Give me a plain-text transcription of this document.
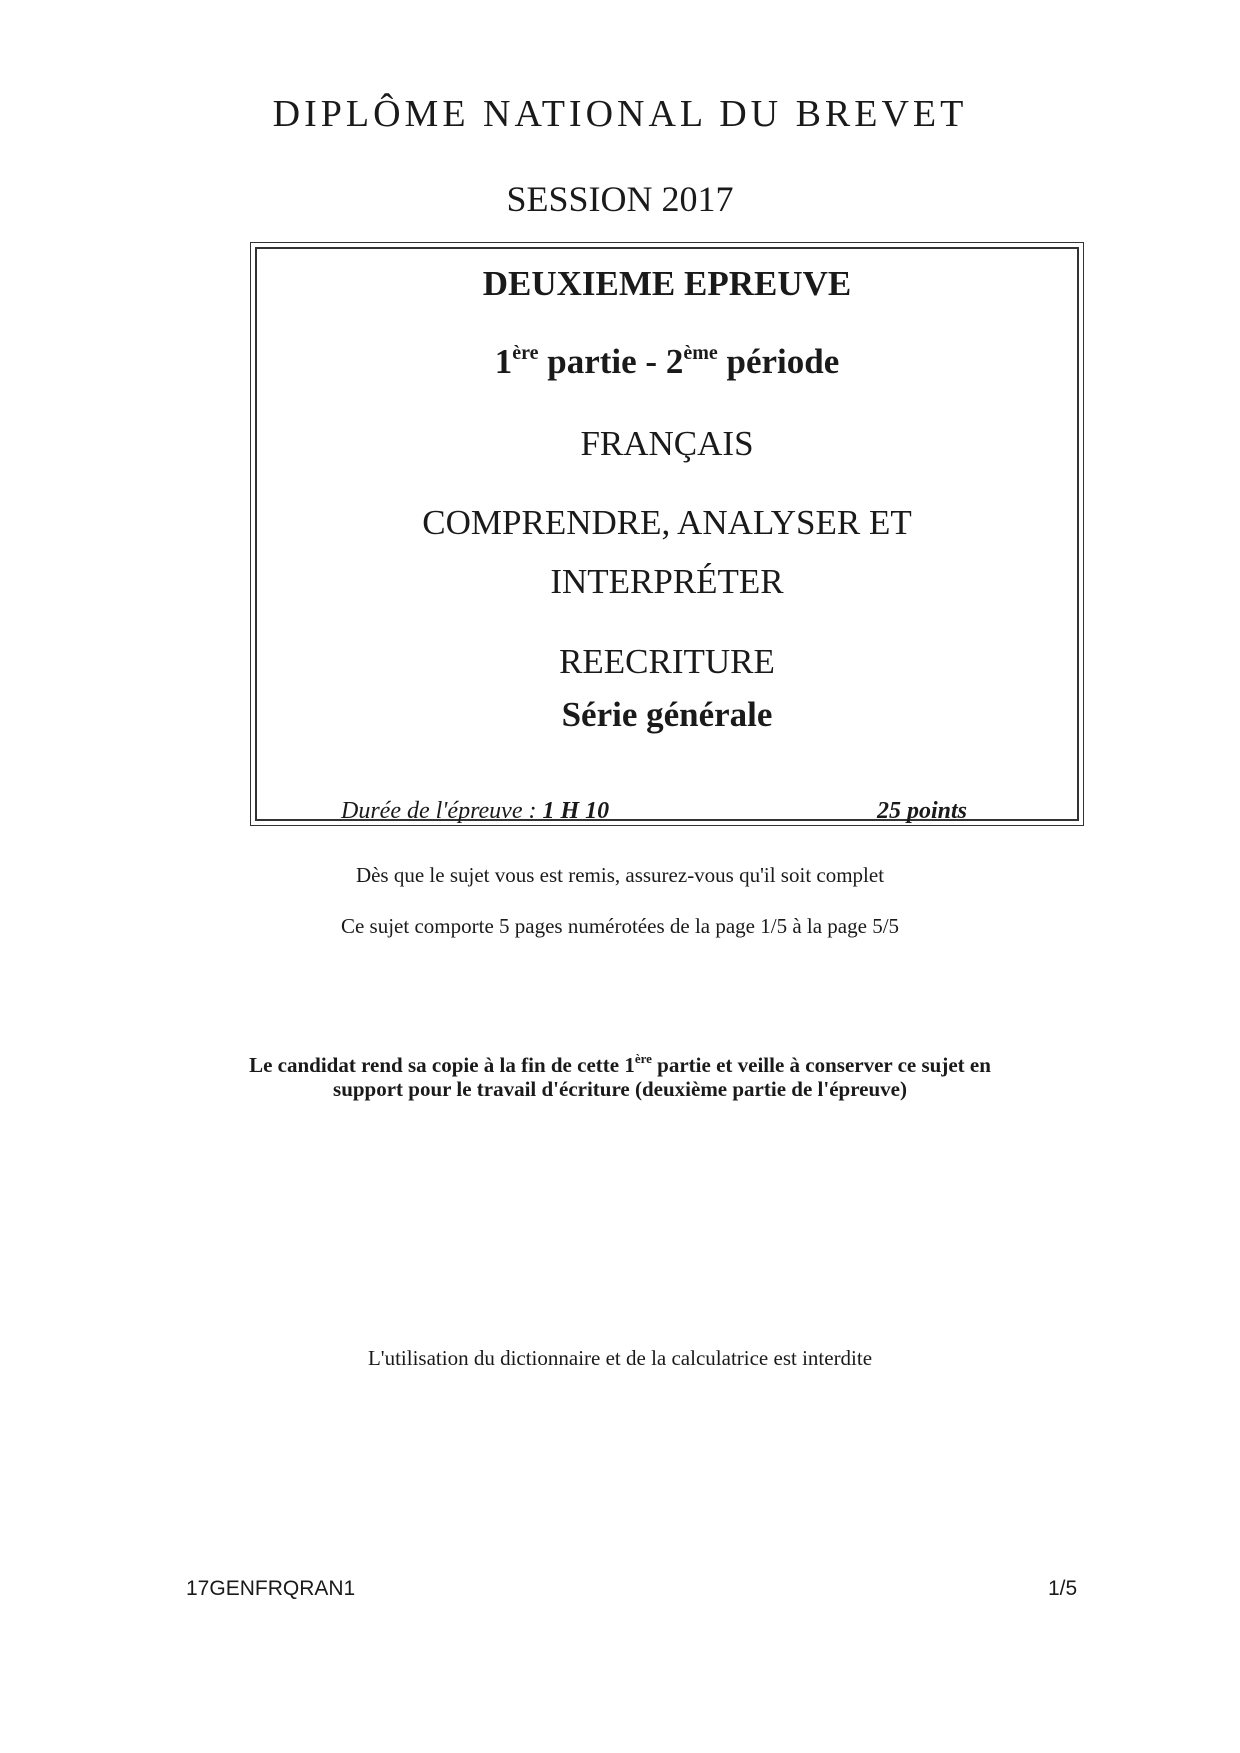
DIPLÔME NATIONAL DU BREVET

SESSION 2017

DEUXIEME EPREUVE

1ère partie - 2ème période

FRANÇAIS

COMPRENDRE, ANALYSER ET

INTERPRÉTER

REECRITURE

Série générale

Durée de l'épreuve : 1 H 10	25 points

Dès que le sujet vous est remis, assurez-vous qu'il soit complet

Ce sujet comporte 5 pages numérotées de la page 1/5 à la page 5/5

Le candidat rend sa copie à la fin de cette 1ère partie et veille à conserver ce sujet en

support pour le travail d'écriture (deuxième partie de l'épreuve)

L'utilisation du dictionnaire et de la calculatrice est interdite

17GENFRQRAN1	1/5
